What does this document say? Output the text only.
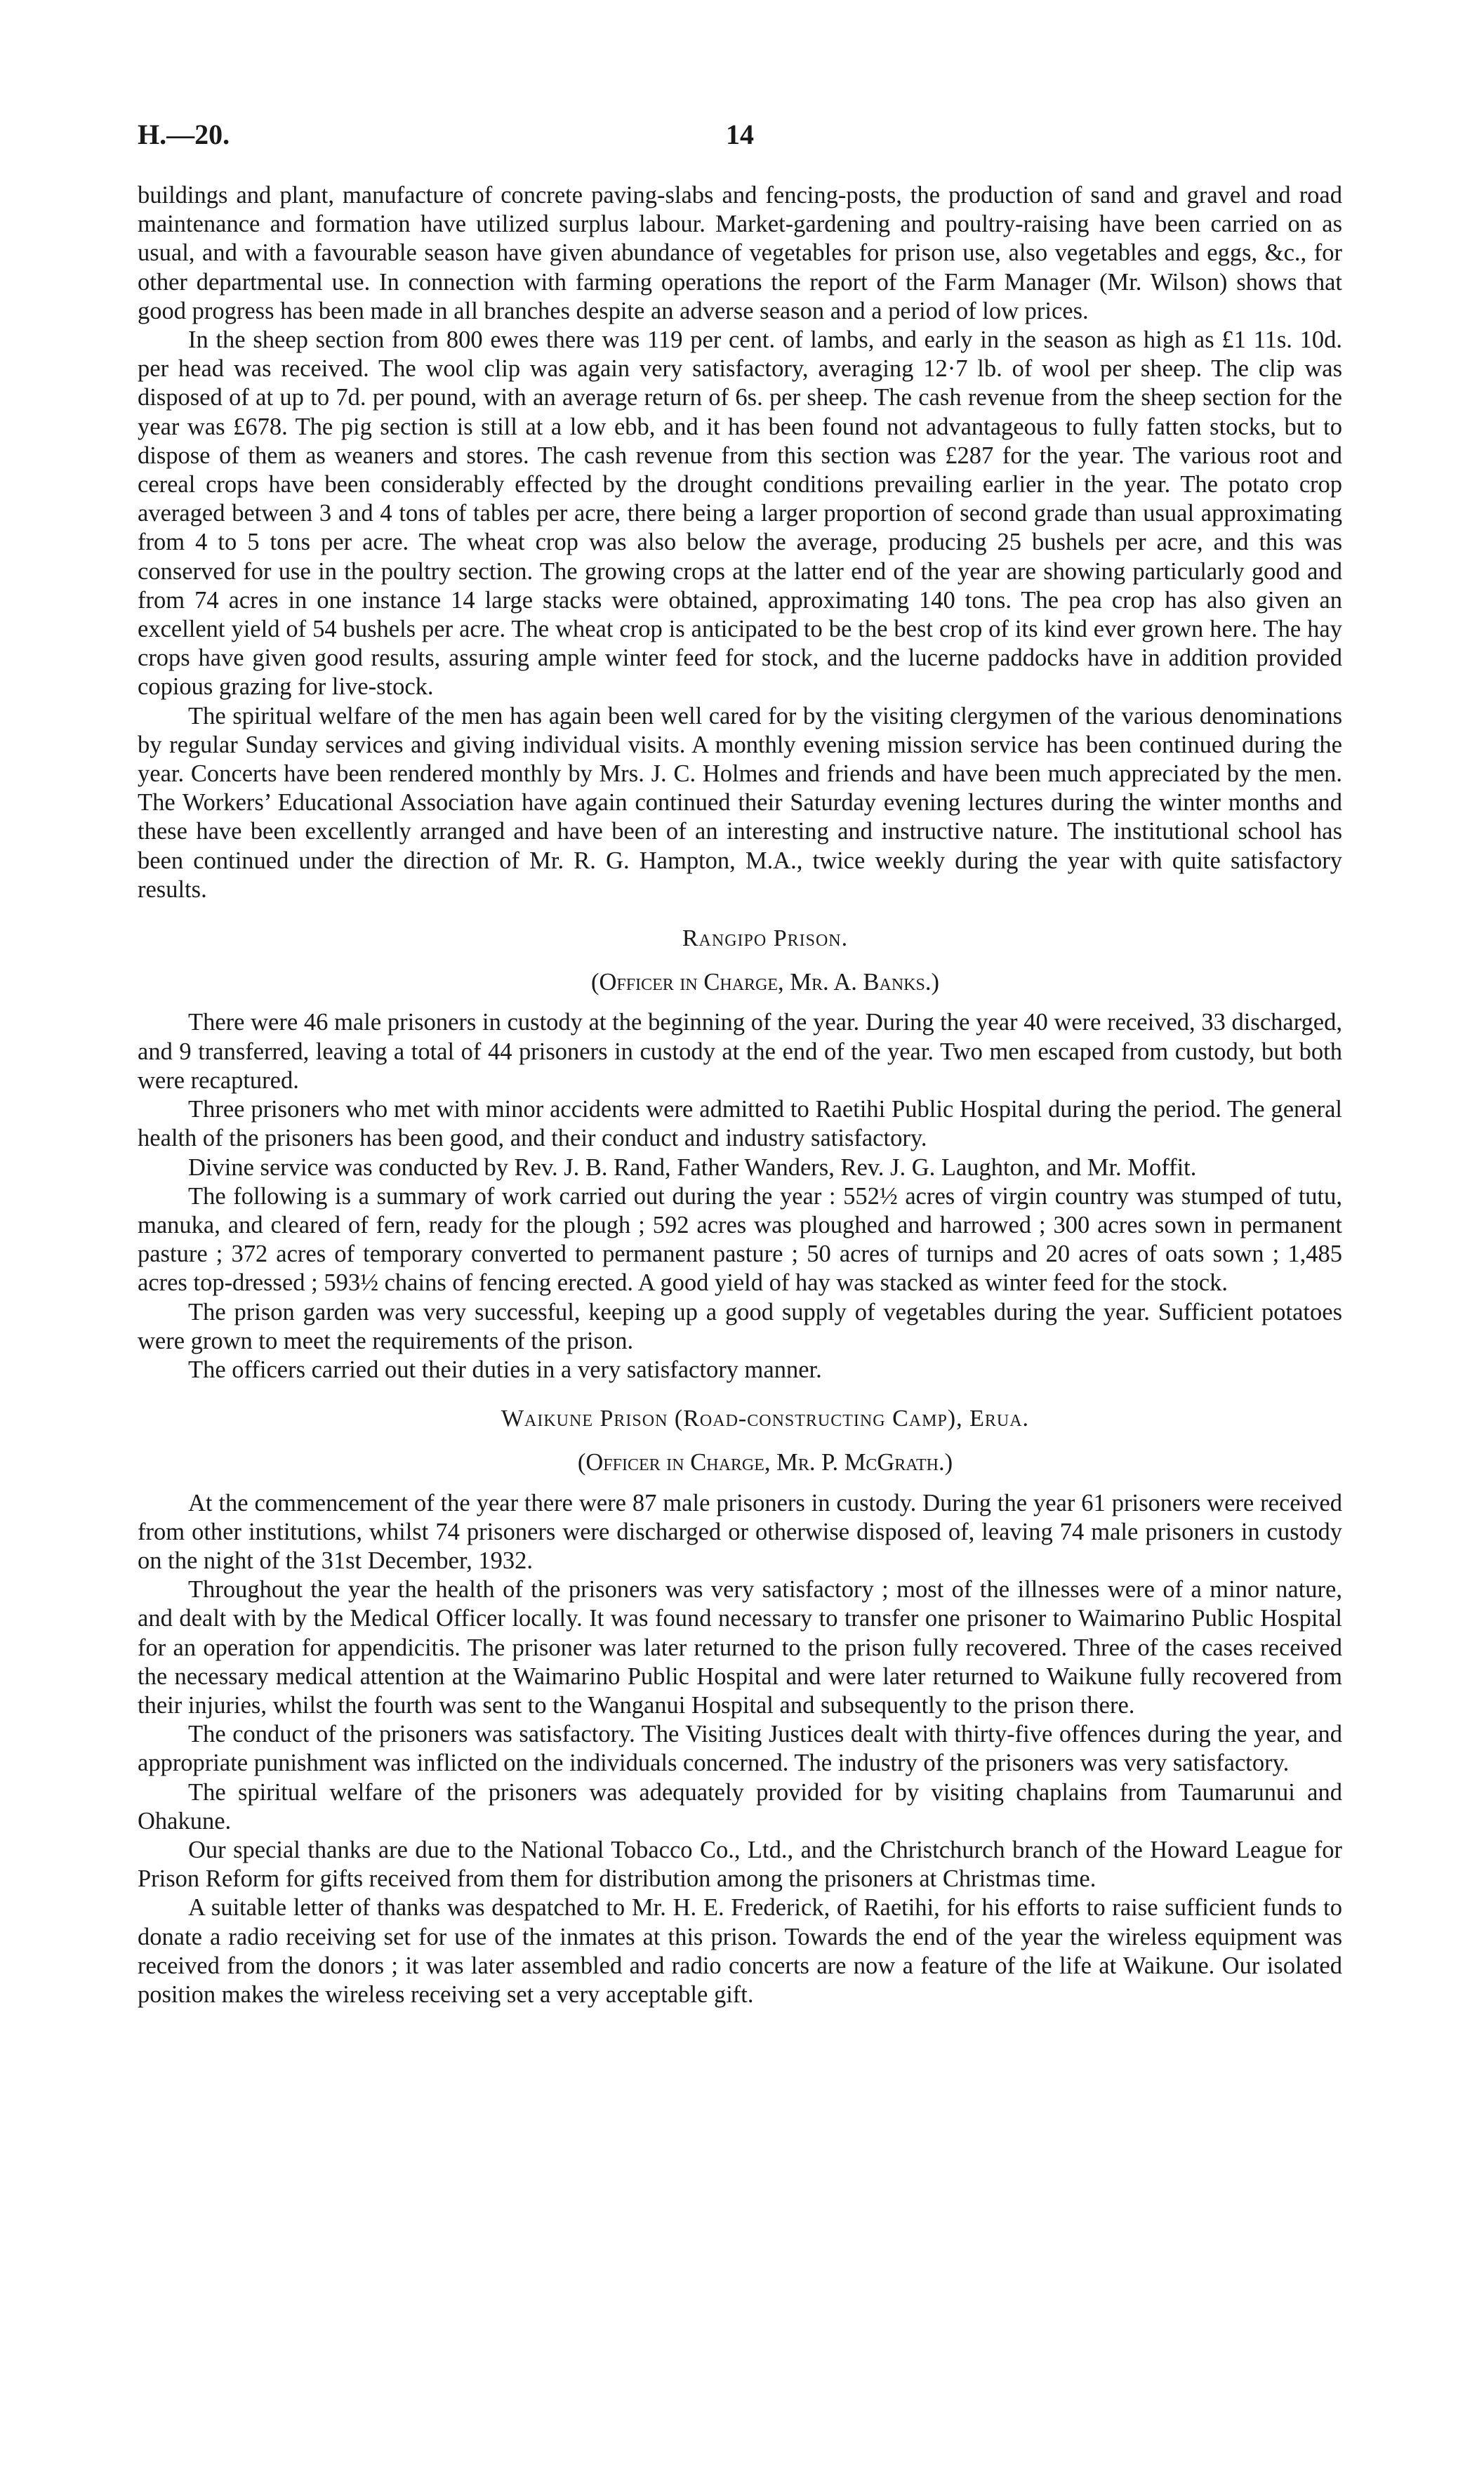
H.—20.	14

buildings and plant, manufacture of concrete paving-slabs and fencing-posts, the production of sand and gravel and road maintenance and formation have utilized surplus labour. Market-gardening and poultry-raising have been carried on as usual, and with a favourable season have given abundance of vegetables for prison use, also vegetables and eggs, &c., for other departmental use. In connection with farming operations the report of the Farm Manager (Mr. Wilson) shows that good progress has been made in all branches despite an adverse season and a period of low prices.

In the sheep section from 800 ewes there was 119 per cent. of lambs, and early in the season as high as £1 11s. 10d. per head was received. The wool clip was again very satisfactory, averaging 12·7 lb. of wool per sheep. The clip was disposed of at up to 7d. per pound, with an average return of 6s. per sheep. The cash revenue from the sheep section for the year was £678. The pig section is still at a low ebb, and it has been found not advantageous to fully fatten stocks, but to dispose of them as weaners and stores. The cash revenue from this section was £287 for the year. The various root and cereal crops have been considerably effected by the drought conditions prevailing earlier in the year. The potato crop averaged between 3 and 4 tons of tables per acre, there being a larger proportion of second grade than usual approximating from 4 to 5 tons per acre. The wheat crop was also below the average, producing 25 bushels per acre, and this was conserved for use in the poultry section. The growing crops at the latter end of the year are showing particularly good and from 74 acres in one instance 14 large stacks were obtained, approximating 140 tons. The pea crop has also given an excellent yield of 54 bushels per acre. The wheat crop is anticipated to be the best crop of its kind ever grown here. The hay crops have given good results, assuring ample winter feed for stock, and the lucerne paddocks have in addition provided copious grazing for live-stock.

The spiritual welfare of the men has again been well cared for by the visiting clergymen of the various denominations by regular Sunday services and giving individual visits. A monthly evening mission service has been continued during the year. Concerts have been rendered monthly by Mrs. J. C. Holmes and friends and have been much appreciated by the men. The Workers’ Educational Association have again continued their Saturday evening lectures during the winter months and these have been excellently arranged and have been of an interesting and instructive nature. The institutional school has been continued under the direction of Mr. R. G. Hampton, M.A., twice weekly during the year with quite satisfactory results.

Rangipo Prison.

(Officer in Charge, Mr. A. Banks.)

There were 46 male prisoners in custody at the beginning of the year. During the year 40 were received, 33 discharged, and 9 transferred, leaving a total of 44 prisoners in custody at the end of the year. Two men escaped from custody, but both were recaptured.

Three prisoners who met with minor accidents were admitted to Raetihi Public Hospital during the period. The general health of the prisoners has been good, and their conduct and industry satisfactory.

Divine service was conducted by Rev. J. B. Rand, Father Wanders, Rev. J. G. Laughton, and Mr. Moffit.

The following is a summary of work carried out during the year : 552½ acres of virgin country was stumped of tutu, manuka, and cleared of fern, ready for the plough ; 592 acres was ploughed and harrowed ; 300 acres sown in permanent pasture ; 372 acres of temporary converted to permanent pasture ; 50 acres of turnips and 20 acres of oats sown ; 1,485 acres top-dressed ; 593½ chains of fencing erected. A good yield of hay was stacked as winter feed for the stock.

The prison garden was very successful, keeping up a good supply of vegetables during the year. Sufficient potatoes were grown to meet the requirements of the prison.

The officers carried out their duties in a very satisfactory manner.

Waikune Prison (Road-constructing Camp), Erua.

(Officer in Charge, Mr. P. McGrath.)

At the commencement of the year there were 87 male prisoners in custody. During the year 61 prisoners were received from other institutions, whilst 74 prisoners were discharged or otherwise disposed of, leaving 74 male prisoners in custody on the night of the 31st December, 1932.

Throughout the year the health of the prisoners was very satisfactory ; most of the illnesses were of a minor nature, and dealt with by the Medical Officer locally. It was found necessary to transfer one prisoner to Waimarino Public Hospital for an operation for appendicitis. The prisoner was later returned to the prison fully recovered. Three of the cases received the necessary medical attention at the Waimarino Public Hospital and were later returned to Waikune fully recovered from their injuries, whilst the fourth was sent to the Wanganui Hospital and subsequently to the prison there.

The conduct of the prisoners was satisfactory. The Visiting Justices dealt with thirty-five offences during the year, and appropriate punishment was inflicted on the individuals concerned. The industry of the prisoners was very satisfactory.

The spiritual welfare of the prisoners was adequately provided for by visiting chaplains from Taumarunui and Ohakune.

Our special thanks are due to the National Tobacco Co., Ltd., and the Christchurch branch of the Howard League for Prison Reform for gifts received from them for distribution among the prisoners at Christmas time.

A suitable letter of thanks was despatched to Mr. H. E. Frederick, of Raetihi, for his efforts to raise sufficient funds to donate a radio receiving set for use of the inmates at this prison. Towards the end of the year the wireless equipment was received from the donors ; it was later assembled and radio concerts are now a feature of the life at Waikune. Our isolated position makes the wireless receiving set a very acceptable gift.
